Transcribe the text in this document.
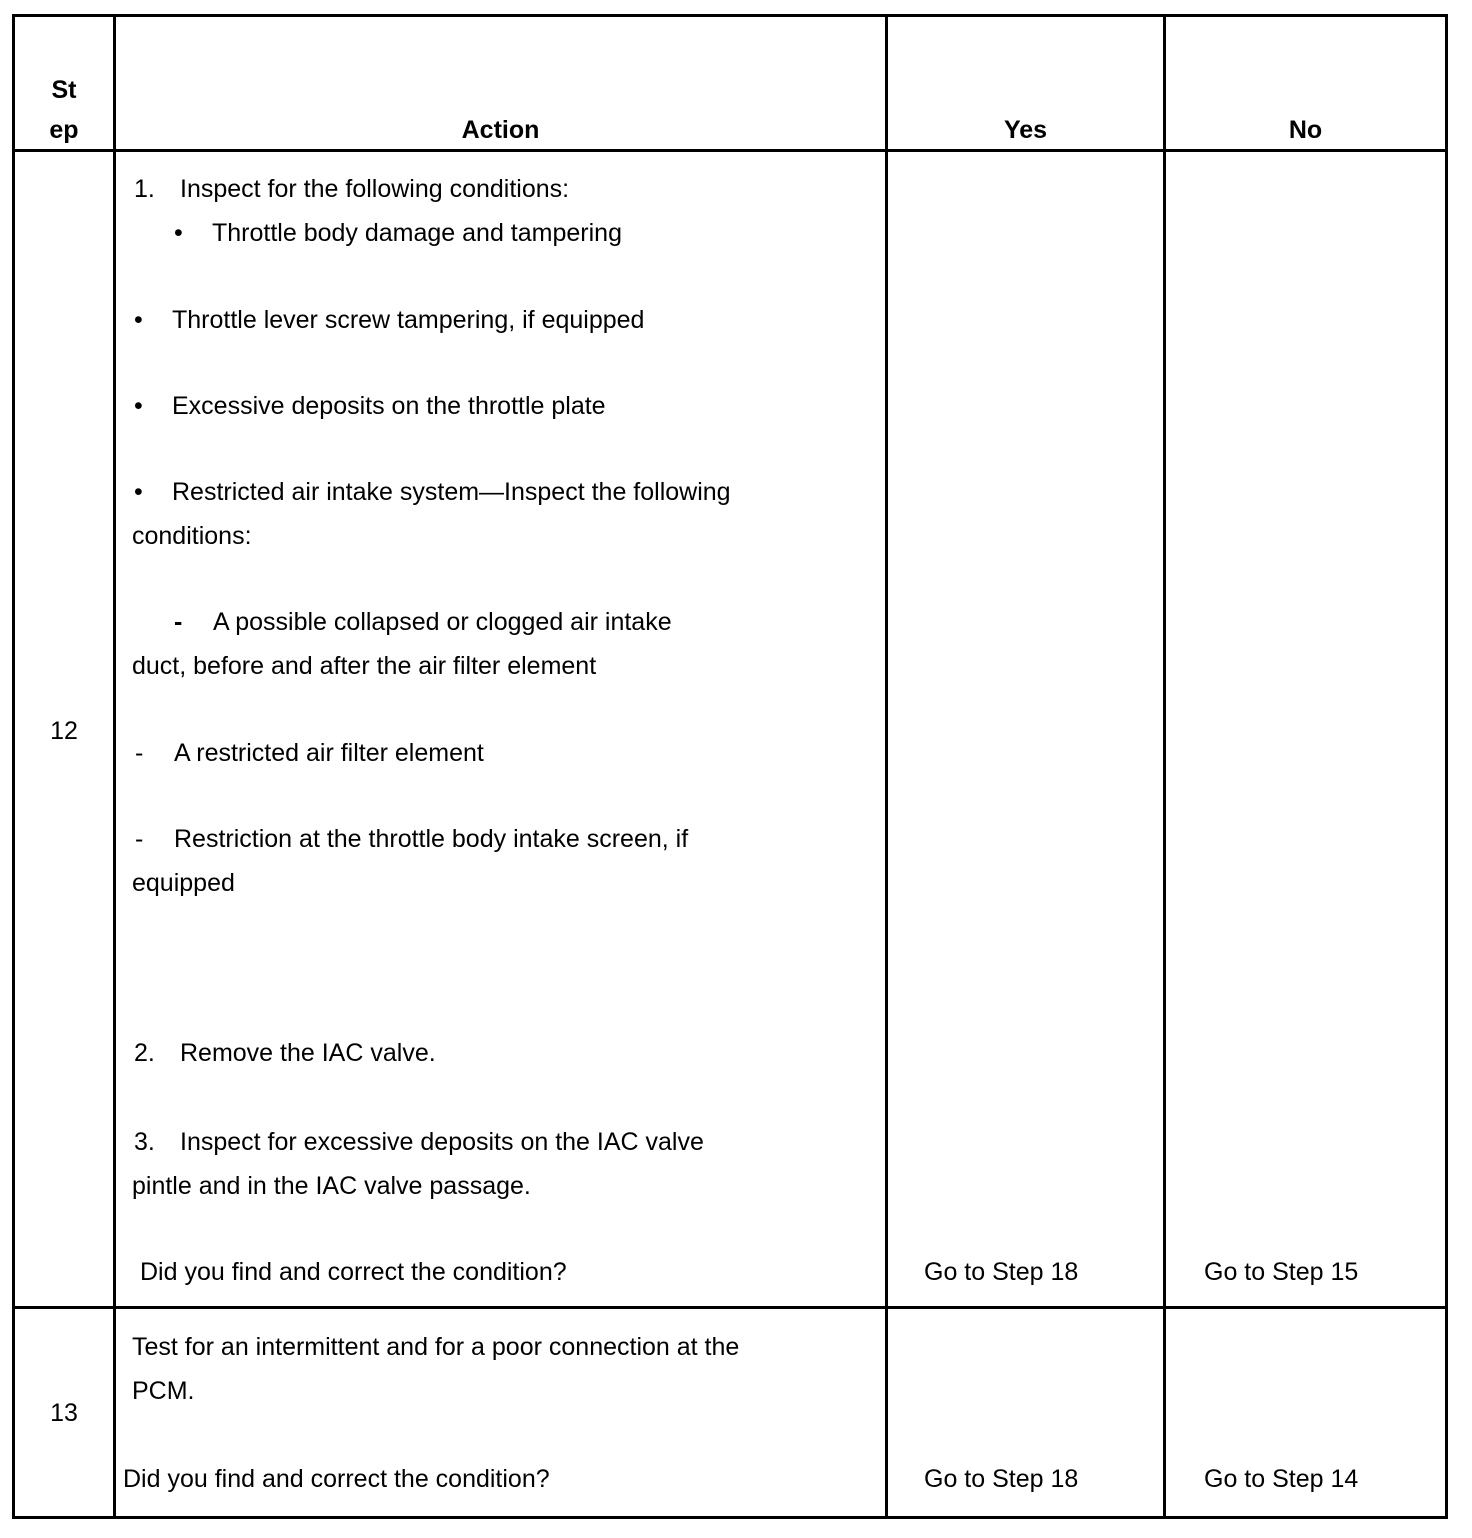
St
ep	Action	Yes	No
12
1. Inspect for the following conditions:
• Throttle body damage and tampering
• Throttle lever screw tampering, if equipped
• Excessive deposits on the throttle plate
• Restricted air intake system—Inspect the following
conditions:
- A possible collapsed or clogged air intake
duct, before and after the air filter element
- A restricted air filter element
- Restriction at the throttle body intake screen, if
equipped
2. Remove the IAC valve.
3. Inspect for excessive deposits on the IAC valve
pintle and in the IAC valve passage.
Did you find and correct the condition?	Go to Step 18	Go to Step 15
13
Test for an intermittent and for a poor connection at the
PCM.
Did you find and correct the condition?	Go to Step 18	Go to Step 14
